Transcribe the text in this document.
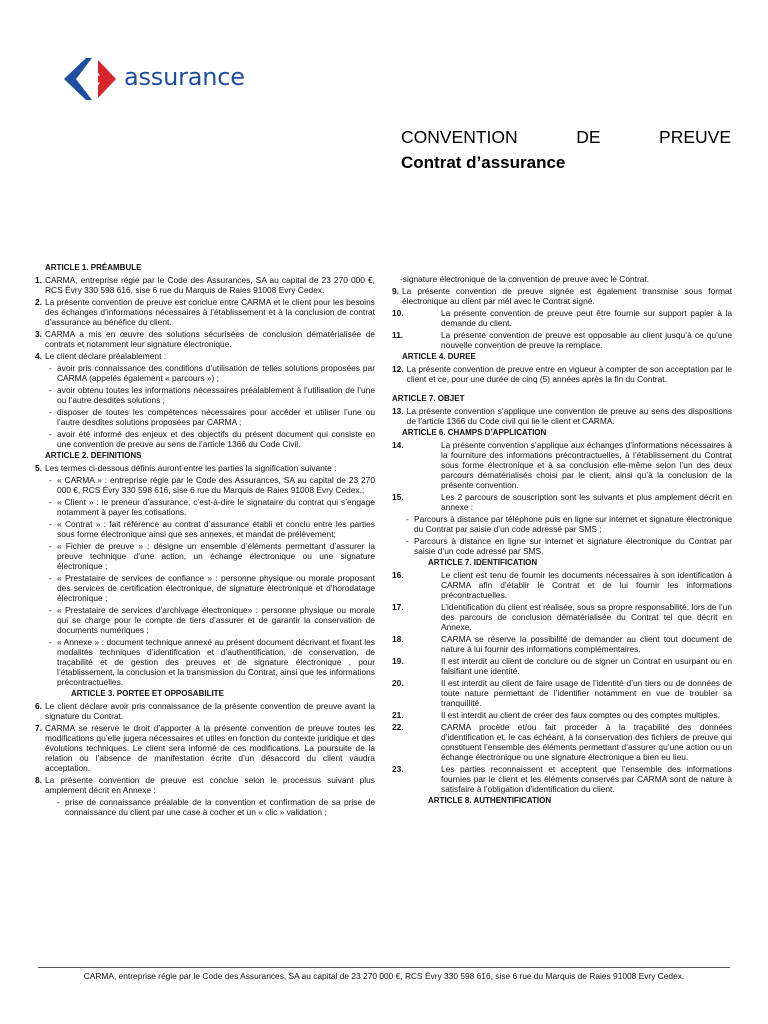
assurance
CONVENTION	DE	PREUVE
Contrat d’assurance
ARTICLE 1. PRÉAMBULE
1. CARMA, entreprise régie par le Code des Assurances, SA au capital de 23 270 000 €, RCS Évry 330 598 616, sise 6 rue du Marquis de Raies 91008 Evry Cedex.
2. La présente convention de preuve est conclue entre CARMA et le client pour les besoins des échanges d’informations nécessaires à l’établissement et à la conclusion de contrat d’assurance au bénéfice du client.
3. CARMA a mis en œuvre des solutions sécurisées de conclusion dématérialisée de contrats et notamment leur signature électronique.
4. Le client déclare préalablement :
- avoir pris connaissance des conditions d’utilisation de telles solutions proposées par CARMA (appelés également « parcours ») ;
- avoir obtenu toutes les informations nécessaires préalablement à l’utilisation de l’une ou l’autre desdites solutions ;
- disposer de toutes les compétences nécessaires pour accéder et utiliser l’une ou l’autre desdites solutions proposées par CARMA ;
- avoir été informé des enjeux et des objectifs du présent document qui consiste en une convention de preuve au sens de l’article 1366 du Code Civil.
ARTICLE 2. DEFINITIONS
5. Les termes ci-dessous définis auront entre les parties la signification suivante :
- « CARMA » : entreprise régie par le Code des Assurances, SA au capital de 23 270 000 €, RCS Évry 330 598 616, sise 6 rue du Marquis de Raies 91008 Evry Cedex.;
- « Client » : le preneur d’assurance, c’est-à-dire le signataire du contrat qui s’engage notamment à payer les cotisations.
- « Contrat » : fait référence au contrat d’assurance établi et conclu entre les parties sous forme électronique ainsi que ses annexes, et mandat de prélèvement;
- « Fichier de preuve » : désigne un ensemble d’éléments permettant d’assurer la preuve technique d’une action, un échange électronique ou une signature électronique ;
- « Prestataire de services de confiance » : personne physique ou morale proposant des services de certification électronique, de signature électronique et d’horodatage électronique ;
- « Prestataire de services d’archivage électronique» : personne physique ou morale qui se charge pour le compte de tiers d’assurer et de garantir la conservation de documents numériques ;
- « Annexe » : document technique annexé au présent document décrivant et fixant les modalités techniques d’identification et d’authentification, de conservation, de traçabilité et de gestion des preuves et de signature électronique , pour l’établissement, la conclusion et la transmission du Contrat, ainsi que les informations précontractuelles.
ARTICLE 3. PORTEE ET OPPOSABILITE
6. Le client déclare avoir pris connaissance de la présente convention de preuve avant la signature du Contrat.
7. CARMA se réserve le droit d’apporter à la présente convention de preuve toutes les modifications qu’elle jugera nécessaires et utiles en fonction du contexte juridique et des évolutions techniques. Le client sera informé de ces modifications. La poursuite de la relation ou l’absence de manifestation écrite d’un désaccord du client vaudra acceptation.
8. La présente convention de preuve est conclue selon le processus suivant plus amplement décrit en Annexe :
- prise de connaissance préalable de la convention et confirmation de sa prise de connaissance du client par une case à cocher et un « clic » validation ;
-signature électronique de la convention de preuve avec le Contrat.
9. La présente convention de preuve signée est également transmise sous format électronique au client par mél avec le Contrat signé.
10.	La présente convention de preuve peut être fournie sur support papier à la demande du client.
11.	La présente convention de preuve est opposable au client jusqu’à ce qu’une nouvelle convention de preuve la remplace.
ARTICLE 4. DUREE
12. La présente convention de preuve entre en vigueur à compter de son acceptation par le client et ce, pour une durée de cinq (5) années après la fin du Contrat.
ARTICLE 7. OBJET
13. La présente convention s’applique une convention de preuve au sens des dispositions de l’article 1366 du Code civil qui lie le client et CARMA.
ARTICLE 6. CHAMPS D’APPLICATION
14.	La présente convention s’applique aux échanges d’informations nécessaires à la fourniture des informations précontractuelles, à l’établissement du Contrat sous forme électronique et à sa conclusion elle-même selon l’un des deux parcours dématérialisés choisi par le client, ainsi qu’à la conclusion de la présente convention.
15.	Les 2 parcours de souscription sont les suivants et plus amplement décrit en annexe :
- Parcours à distance par téléphone puis en ligne sur internet et signature électronique du Contrat par saisie d’un code adressé par SMS ;
- Parcours à distance en ligne sur internet et signature électronique du Contrat par saisie d’un code adressé par SMS.
ARTICLE 7. IDENTIFICATION
16.	Le client est tenu de fournir les documents nécessaires à son identification à CARMA afin d’établir le Contrat et de lui fournir les informations précontractuelles.
17.	L’identification du client est réalisée, sous sa propre responsabilité, lors de l’un des parcours de conclusion dématérialisée du Contrat tel que décrit en Annexe.
18.	CARMA se réserve la possibilité de demander au client tout document de nature à lui fournir des informations complémentaires.
19.	Il est interdit au client de conclure ou de signer un Contrat en usurpant ou en falsifiant une identité.
20.	Il est interdit au client de faire usage de l’identité d’un tiers ou de données de toute nature permettant de l’identifier notamment en vue de troubler sa tranquillité.
21.	Il est interdit au client de créer des faux comptes ou des comptes multiples.
22.	CARMA procède et/ou fait procéder à la traçabilité des données d’identification et, le cas échéant, à la conservation des fichiers de preuve qui constituent l’ensemble des éléments permettant d’assurer qu’une action ou un échange électronique ou une signature électronique a bien eu lieu.
23.	Les parties reconnaissent et acceptent que l’ensemble des informations fournies par le client et les éléments conservés par CARMA sont de nature à satisfaire à l’obligation d’identification du client.
ARTICLE 8. AUTHENTIFICATION
CARMA, entreprise régie par le Code des Assurances, SA au capital de 23 270 000 €, RCS Évry 330 598 616, sise 6 rue du Marquis de Raies 91008 Evry Cedex.
